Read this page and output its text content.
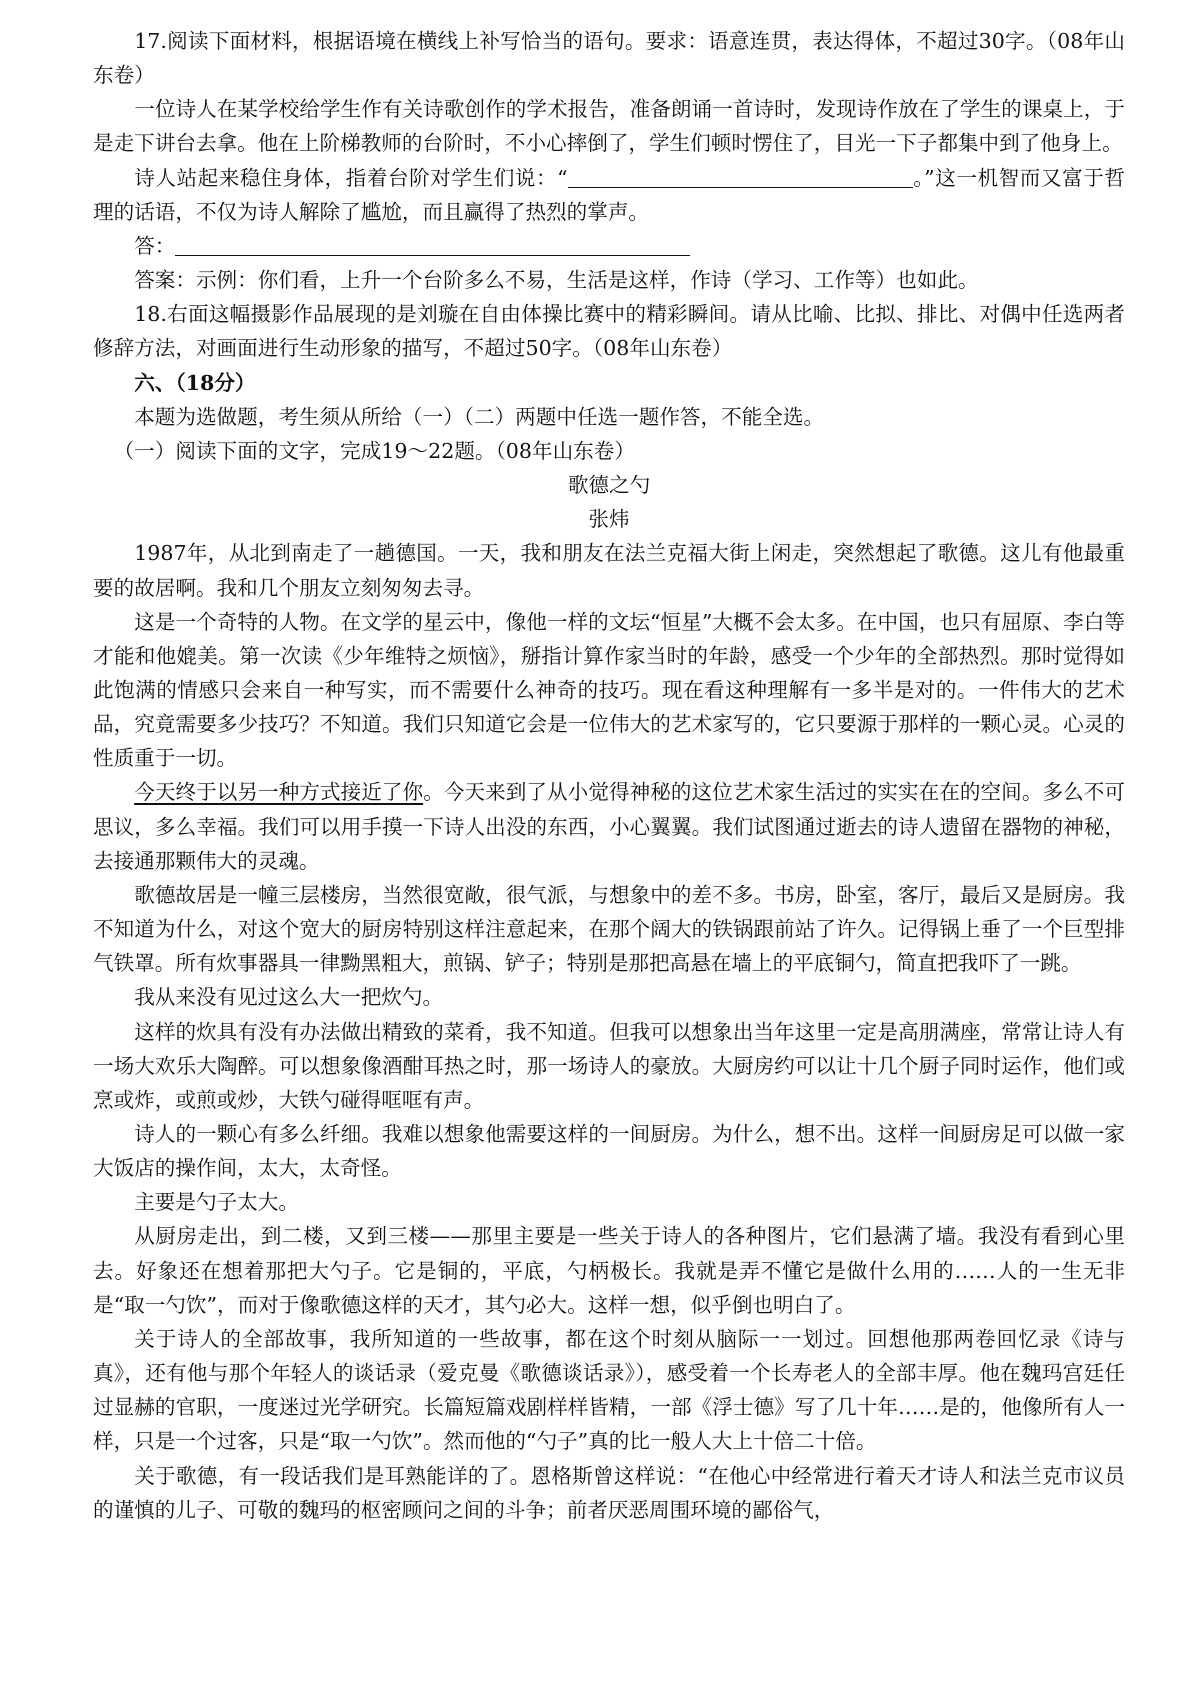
17.阅读下面材料，根据语境在横线上补写恰当的语句。要求：语意连贯，表达得体，不超过30字。（08年山东卷）

一位诗人在某学校给学生作有关诗歌创作的学术报告，准备朗诵一首诗时，发现诗作放在了学生的课桌上，于是走下讲台去拿。他在上阶梯教师的台阶时，不小心摔倒了，学生们顿时愣住了，目光一下子都集中到了他身上。

诗人站起来稳住身体，指着台阶对学生们说：“	。”这一机智而又富于哲理的话语，不仅为诗人解除了尴尬，而且赢得了热烈的掌声。

答：

答案：示例：你们看，上升一个台阶多么不易，生活是这样，作诗（学习、工作等）也如此。

18.右面这幅摄影作品展现的是刘璇在自由体操比赛中的精彩瞬间。请从比喻、比拟、排比、对偶中任选两者修辞方法，对画面进行生动形象的描写，不超过50字。（08年山东卷）

六、（18分）

本题为选做题，考生须从所给（一）（二）两题中任选一题作答，不能全选。

（一）阅读下面的文字，完成19～22题。（08年山东卷）

歌德之勺

张炜

1987年，从北到南走了一趟德国。一天，我和朋友在法兰克福大街上闲走，突然想起了歌德。这儿有他最重要的故居啊。我和几个朋友立刻匆匆去寻。

这是一个奇特的人物。在文学的星云中，像他一样的文坛“恒星”大概不会太多。在中国，也只有屈原、李白等才能和他媲美。第一次读《少年维特之烦恼》，掰指计算作家当时的年龄，感受一个少年的全部热烈。那时觉得如此饱满的情感只会来自一种写实，而不需要什么神奇的技巧。现在看这种理解有一多半是对的。一件伟大的艺术品，究竟需要多少技巧？不知道。我们只知道它会是一位伟大的艺术家写的，它只要源于那样的一颗心灵。心灵的性质重于一切。

今天终于以另一种方式接近了你。今天来到了从小觉得神秘的这位艺术家生活过的实实在在的空间。多么不可思议，多么幸福。我们可以用手摸一下诗人出没的东西，小心翼翼。我们试图通过逝去的诗人遗留在器物的神秘，去接通那颗伟大的灵魂。

歌德故居是一幢三层楼房，当然很宽敞，很气派，与想象中的差不多。书房，卧室，客厅，最后又是厨房。我不知道为什么，对这个宽大的厨房特别这样注意起来，在那个阔大的铁锅跟前站了许久。记得锅上垂了一个巨型排气铁罩。所有炊事器具一律黝黑粗大，煎锅、铲子；特别是那把高悬在墙上的平底铜勺，简直把我吓了一跳。

我从来没有见过这么大一把炊勺。

这样的炊具有没有办法做出精致的菜肴，我不知道。但我可以想象出当年这里一定是高朋满座，常常让诗人有一场大欢乐大陶醉。可以想象像酒酣耳热之时，那一场诗人的豪放。大厨房约可以让十几个厨子同时运作，他们或烹或炸，或煎或炒，大铁勺碰得哐哐有声。

诗人的一颗心有多么纤细。我难以想象他需要这样的一间厨房。为什么，想不出。这样一间厨房足可以做一家大饭店的操作间，太大，太奇怪。

主要是勺子太大。

从厨房走出，到二楼，又到三楼——那里主要是一些关于诗人的各种图片，它们悬满了墙。我没有看到心里去。好象还在想着那把大勺子。它是铜的，平底，勺柄极长。我就是弄不懂它是做什么用的……人的一生无非是“取一勺饮”，而对于像歌德这样的天才，其勺必大。这样一想，似乎倒也明白了。

关于诗人的全部故事，我所知道的一些故事，都在这个时刻从脑际一一划过。回想他那两卷回忆录《诗与真》，还有他与那个年轻人的谈话录（爱克曼《歌德谈话录》），感受着一个长寿老人的全部丰厚。他在魏玛宫廷任过显赫的官职，一度迷过光学研究。长篇短篇戏剧样样皆精，一部《浮士德》写了几十年……是的，他像所有人一样，只是一个过客，只是“取一勺饮”。然而他的“勺子”真的比一般人大上十倍二十倍。

关于歌德，有一段话我们是耳熟能详的了。恩格斯曾这样说：“在他心中经常进行着天才诗人和法兰克市议员的谨慎的儿子、可敬的魏玛的枢密顾问之间的斗争；前者厌恶周围环境的鄙俗气，
